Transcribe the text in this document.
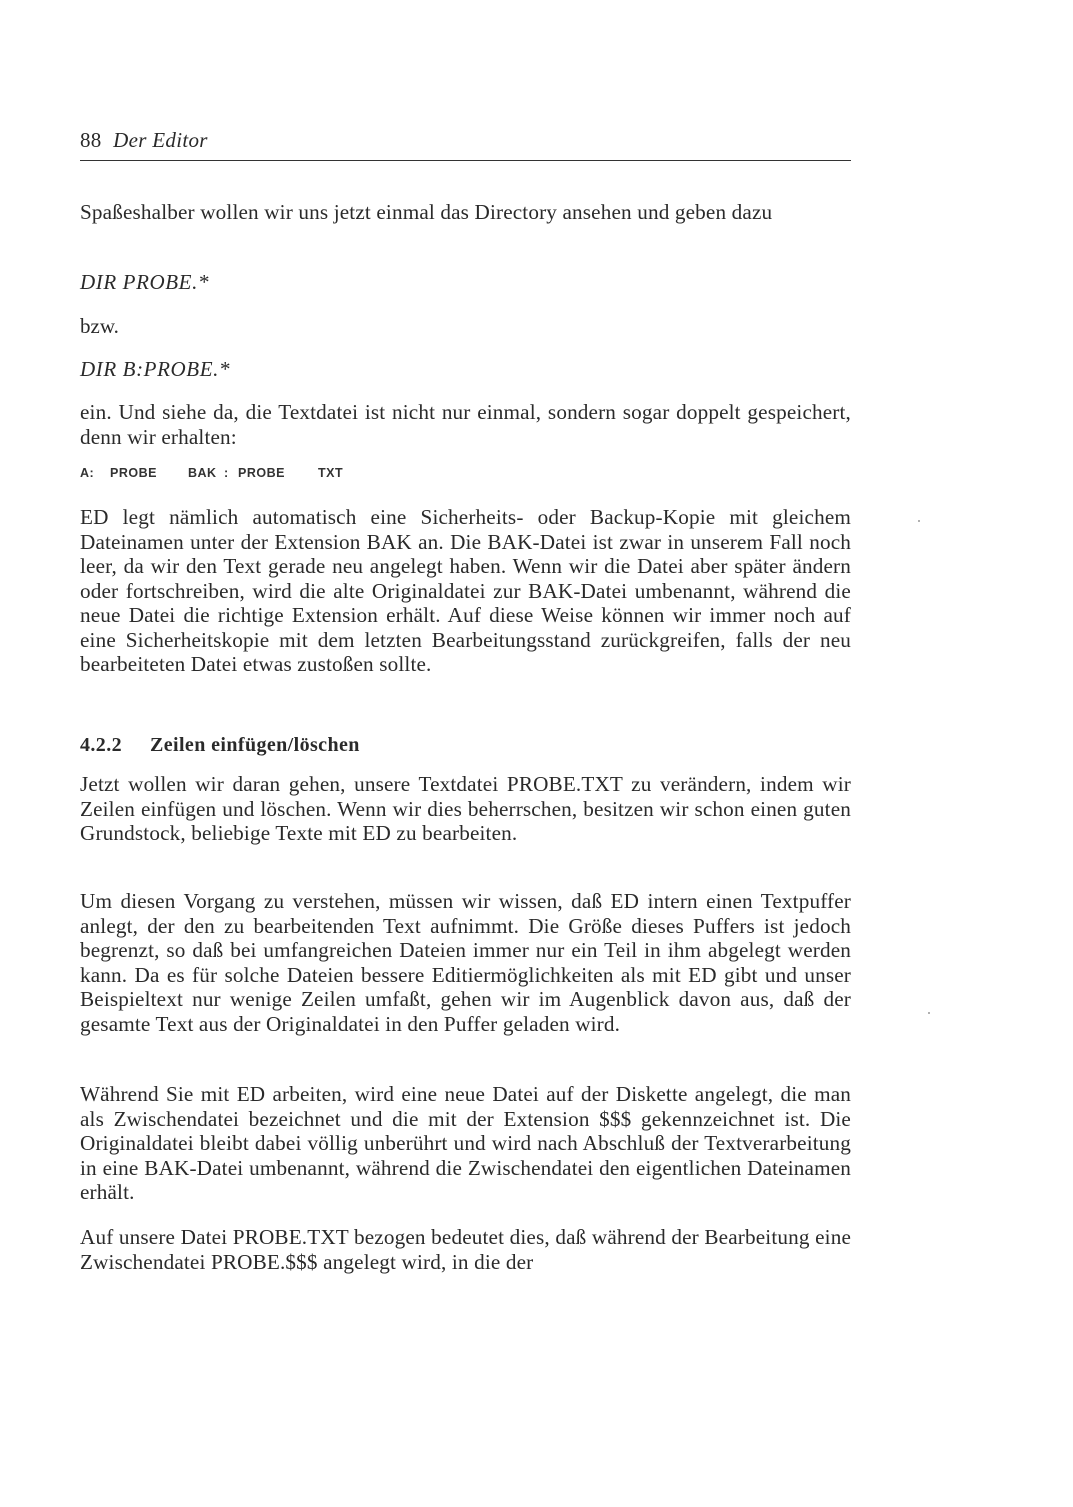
88 Der Editor
Spaßeshalber wollen wir uns jetzt einmal das Directory ansehen und geben dazu
DIR PROBE.*
bzw.
DIR B:PROBE.*
ein. Und siehe da, die Textdatei ist nicht nur einmal, sondern sogar doppelt gespeichert, denn wir erhalten:
A: PROBE BAK : PROBE	TXT
ED legt nämlich automatisch eine Sicherheits- oder Backup-Kopie mit gleichem Dateinamen unter der Extension BAK an. Die BAK-Datei ist zwar in unserem Fall noch leer, da wir den Text gerade neu angelegt haben. Wenn wir die Datei aber später ändern oder fortschreiben, wird die alte Originaldatei zur BAK-Datei umbenannt, während die neue Datei die richtige Extension erhält. Auf diese Weise können wir immer noch auf eine Sicherheitskopie mit dem letzten Bearbeitungsstand zurückgreifen, falls der neu bearbeiteten Datei etwas zustoßen sollte.
4.2.2 Zeilen einfügen/löschen
Jetzt wollen wir daran gehen, unsere Textdatei PROBE.TXT zu verändern, indem wir Zeilen einfügen und löschen. Wenn wir dies beherrschen, besitzen wir schon einen guten Grundstock, beliebige Texte mit ED zu bearbeiten.
Um diesen Vorgang zu verstehen, müssen wir wissen, daß ED intern einen Textpuffer anlegt, der den zu bearbeitenden Text aufnimmt. Die Größe dieses Puffers ist jedoch begrenzt, so daß bei umfangreichen Dateien immer nur ein Teil in ihm abgelegt werden kann. Da es für solche Dateien bessere Editiermöglichkeiten als mit ED gibt und unser Beispieltext nur wenige Zeilen umfaßt, gehen wir im Augenblick davon aus, daß der gesamte Text aus der Originaldatei in den Puffer geladen wird.
Während Sie mit ED arbeiten, wird eine neue Datei auf der Diskette angelegt, die man als Zwischendatei bezeichnet und die mit der Extension $$$ gekennzeichnet ist. Die Originaldatei bleibt dabei völlig unberührt und wird nach Abschluß der Textverarbeitung in eine BAK-Datei umbenannt, während die Zwischendatei den eigentlichen Dateinamen erhält.
Auf unsere Datei PROBE.TXT bezogen bedeutet dies, daß während der Bearbeitung eine Zwischendatei PROBE.$$$ angelegt wird, in die der
